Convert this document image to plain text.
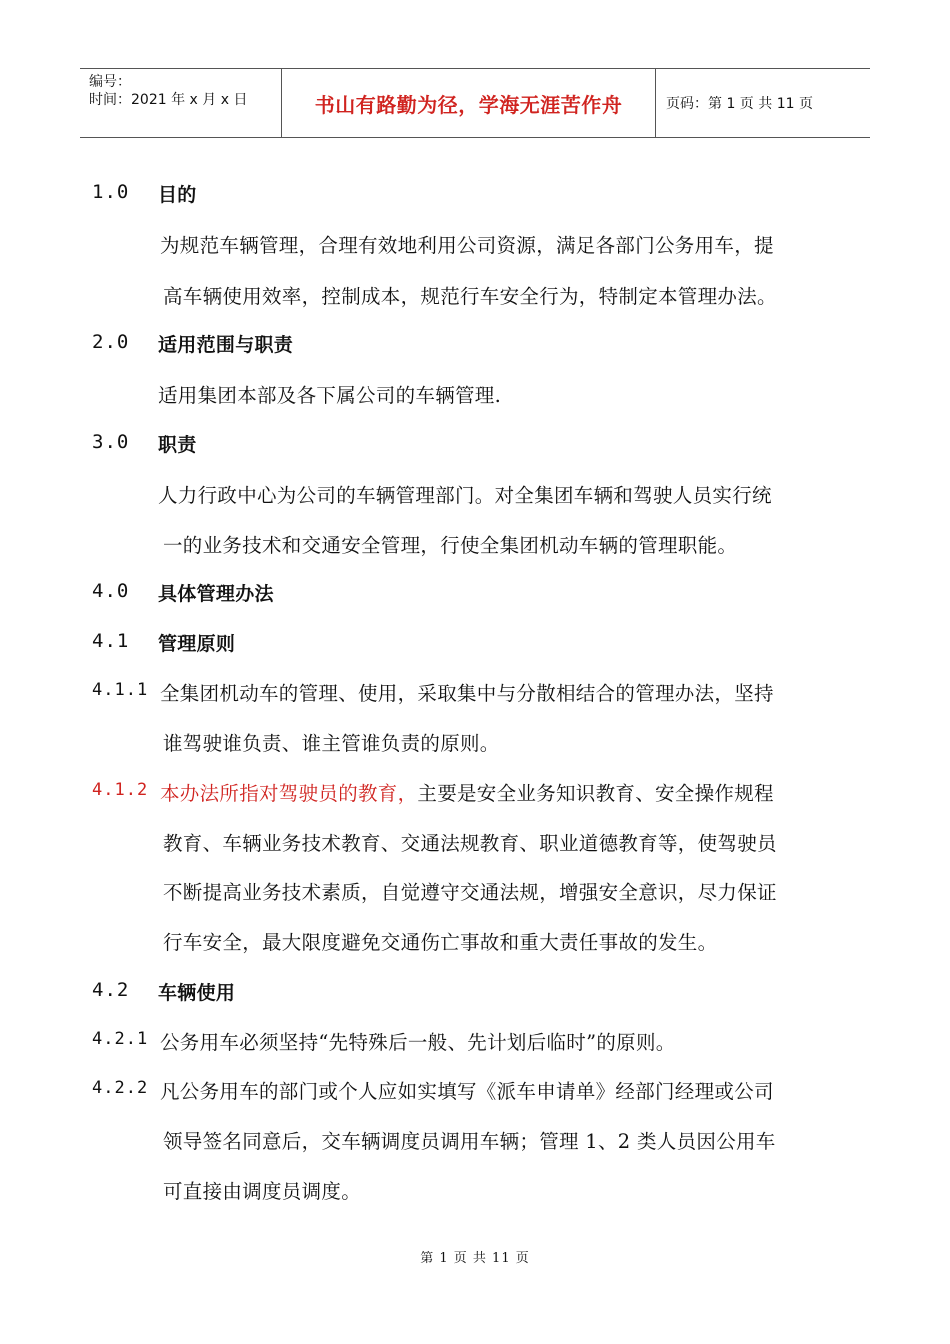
编号：
时间：2021 年 x 月 x 日	书山有路勤为径，学海无涯苦作舟	页码：第 1 页 共 11 页
1.0 目的
为规范车辆管理，合理有效地利用公司资源，满足各部门公务用车，提
高车辆使用效率，控制成本，规范行车安全行为，特制定本管理办法。
2.0 适用范围与职责
适用集团本部及各下属公司的车辆管理.
3.0 职责
人力行政中心为公司的车辆管理部门。对全集团车辆和驾驶人员实行统
一的业务技术和交通安全管理，行使全集团机动车辆的管理职能。
4.0 具体管理办法
4.1 管理原则
4.1.1 全集团机动车的管理、使用，采取集中与分散相结合的管理办法，坚持
谁驾驶谁负责、谁主管谁负责的原则。
4.1.2 本办法所指对驾驶员的教育，主要是安全业务知识教育、安全操作规程
教育、车辆业务技术教育、交通法规教育、职业道德教育等，使驾驶员
不断提高业务技术素质，自觉遵守交通法规，增强安全意识，尽力保证
行车安全，最大限度避免交通伤亡事故和重大责任事故的发生。
4.2 车辆使用
4.2.1 公务用车必须坚持“先特殊后一般、先计划后临时”的原则。
4.2.2 凡公务用车的部门或个人应如实填写《派车申请单》经部门经理或公司
领导签名同意后，交车辆调度员调用车辆；管理 1、2 类人员因公用车
可直接由调度员调度。
第 1 页 共 11 页
